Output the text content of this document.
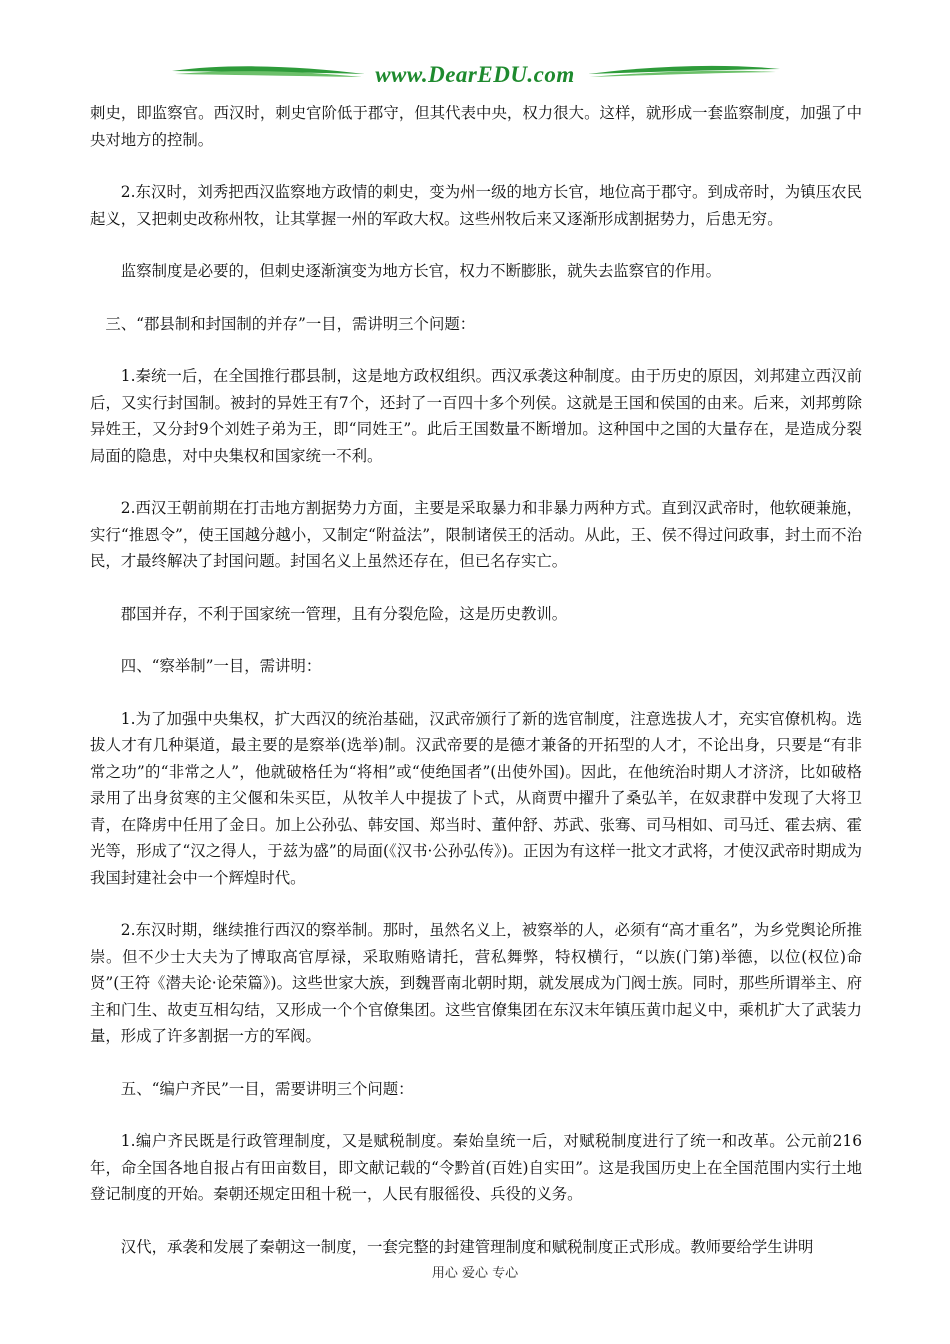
www.DearEDU.com

刺史，即监察官。西汉时，刺史官阶低于郡守，但其代表中央，权力很大。这样，就形成一套监察制度，加强了中央对地方的控制。

2.东汉时，刘秀把西汉监察地方政情的刺史，变为州一级的地方长官，地位高于郡守。到成帝时，为镇压农民起义，又把刺史改称州牧，让其掌握一州的军政大权。这些州牧后来又逐渐形成割据势力，后患无穷。

监察制度是必要的，但刺史逐渐演变为地方长官，权力不断膨胀，就失去监察官的作用。

三、“郡县制和封国制的并存”一目，需讲明三个问题：

1.秦统一后，在全国推行郡县制，这是地方政权组织。西汉承袭这种制度。由于历史的原因，刘邦建立西汉前后，又实行封国制。被封的异姓王有7个，还封了一百四十多个列侯。这就是王国和侯国的由来。后来，刘邦剪除异姓王，又分封9个刘姓子弟为王，即“同姓王”。此后王国数量不断增加。这种国中之国的大量存在，是造成分裂局面的隐患，对中央集权和国家统一不利。

2.西汉王朝前期在打击地方割据势力方面，主要是采取暴力和非暴力两种方式。直到汉武帝时，他软硬兼施，实行“推恩令”，使王国越分越小，又制定“附益法”，限制诸侯王的活动。从此，王、侯不得过问政事，封土而不治民，才最终解决了封国问题。封国名义上虽然还存在，但已名存实亡。

郡国并存，不利于国家统一管理，且有分裂危险，这是历史教训。

四、“察举制”一目，需讲明：

1.为了加强中央集权，扩大西汉的统治基础，汉武帝颁行了新的选官制度，注意选拔人才，充实官僚机构。选拔人才有几种渠道，最主要的是察举(选举)制。汉武帝要的是德才兼备的开拓型的人才，不论出身，只要是“有非常之功”的“非常之人”，他就破格任为“将相”或“使绝国者”(出使外国)。因此，在他统治时期人才济济，比如破格录用了出身贫寒的主父偃和朱买臣，从牧羊人中提拔了卜式，从商贾中擢升了桑弘羊，在奴隶群中发现了大将卫青，在降虏中任用了金日。加上公孙弘、韩安国、郑当时、董仲舒、苏武、张骞、司马相如、司马迁、霍去病、霍光等，形成了“汉之得人，于兹为盛”的局面(《汉书·公孙弘传》)。正因为有这样一批文才武将，才使汉武帝时期成为我国封建社会中一个辉煌时代。

2.东汉时期，继续推行西汉的察举制。那时，虽然名义上，被察举的人，必须有“高才重名”，为乡党舆论所推崇。但不少士大夫为了博取高官厚禄，采取贿赂请托，营私舞弊，特权横行，“以族(门第)举德，以位(权位)命贤”(王符《潜夫论·论荣篇》)。这些世家大族，到魏晋南北朝时期，就发展成为门阀士族。同时，那些所谓举主、府主和门生、故吏互相勾结，又形成一个个官僚集团。这些官僚集团在东汉末年镇压黄巾起义中，乘机扩大了武装力量，形成了许多割据一方的军阀。

五、“编户齐民”一目，需要讲明三个问题：

1.编户齐民既是行政管理制度，又是赋税制度。秦始皇统一后，对赋税制度进行了统一和改革。公元前216年，命全国各地自报占有田亩数目，即文献记载的“令黔首(百姓)自实田”。这是我国历史上在全国范围内实行土地登记制度的开始。秦朝还规定田租十税一，人民有服徭役、兵役的义务。

汉代，承袭和发展了秦朝这一制度，一套完整的封建管理制度和赋税制度正式形成。教师要给学生讲明

用心 爱心 专心
